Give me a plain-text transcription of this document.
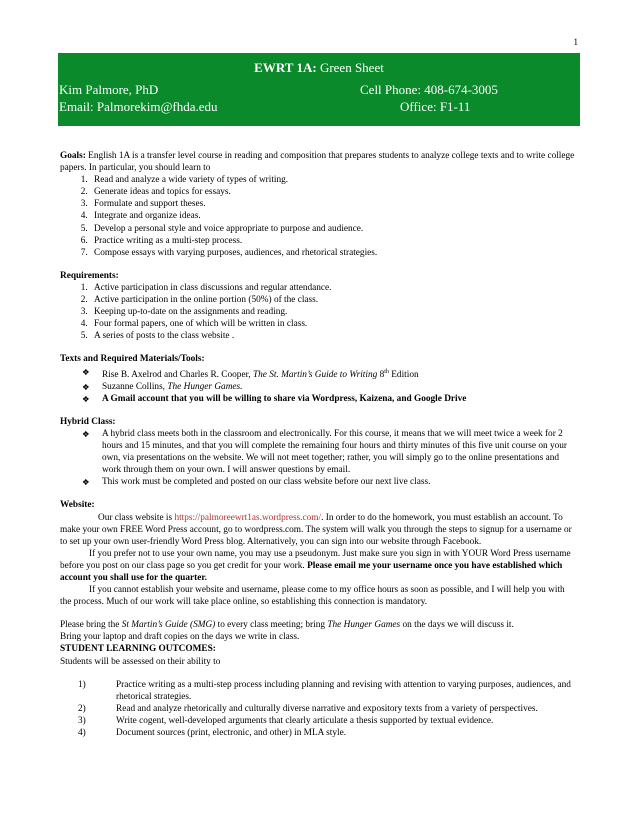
1
EWRT 1A: Green Sheet
Kim Palmore, PhD	Cell Phone: 408-674-3005
Email: Palmorekim@fhda.edu	Office: F1-11

Goals: English 1A is a transfer level course in reading and composition that prepares students to analyze college texts and to write college papers. In particular, you should learn to

1. Read and analyze a wide variety of types of writing.
2. Generate ideas and topics for essays.
3. Formulate and support theses.
4. Integrate and organize ideas.
5. Develop a personal style and voice appropriate to purpose and audience.
6. Practice writing as a multi-step process.
7. Compose essays with varying purposes, audiences, and rhetorical strategies.

Requirements:

1. Active participation in class discussions and regular attendance.
2. Active participation in the online portion (50%) of the class.
3. Keeping up-to-date on the assignments and reading.
4. Four formal papers, one of which will be written in class.
5. A series of posts to the class website .

Texts and Required Materials/Tools:

❖ Rise B. Axelrod and Charles R. Cooper, The St. Martin’s Guide to Writing 8th Edition
❖ Suzanne Collins, The Hunger Games.
❖ A Gmail account that you will be willing to share via Wordpress, Kaizena, and Google Drive

Hybrid Class:

❖ A hybrid class meets both in the classroom and electronically. For this course, it means that we will meet twice a week for 2 hours and 15 minutes, and that you will complete the remaining four hours and thirty minutes of this five unit course on your own, via presentations on the website. We will not meet together; rather, you will simply go to the online presentations and work through them on your own. I will answer questions by email.
❖ This work must be completed and posted on our class website before our next live class.

Website:

Our class website is https://palmoreewrt1as.wordpress.com/. In order to do the homework, you must establish an account. To make your own FREE Word Press account, go to wordpress.com. The system will walk you through the steps to signup for a username or to set up your own user-friendly Word Press blog. Alternatively, you can sign into our website through Facebook.

If you prefer not to use your own name, you may use a pseudonym. Just make sure you sign in with YOUR Word Press username before you post on our class page so you get credit for your work. Please email me your username once you have established which account you shall use for the quarter.

If you cannot establish your website and username, please come to my office hours as soon as possible, and I will help you with the process. Much of our work will take place online, so establishing this connection is mandatory.

Please bring the St Martin’s Guide (SMG) to every class meeting; bring The Hunger Games on the days we will discuss it.

Bring your laptop and draft copies on the days we write in class.

STUDENT LEARNING OUTCOMES:

Students will be assessed on their ability to

1)	Practice writing as a multi-step process including planning and revising with attention to varying purposes, audiences, and rhetorical strategies.
2)	Read and analyze rhetorically and culturally diverse narrative and expository texts from a variety of perspectives.
3)	Write cogent, well-developed arguments that clearly articulate a thesis supported by textual evidence.
4)	Document sources (print, electronic, and other) in MLA style.
